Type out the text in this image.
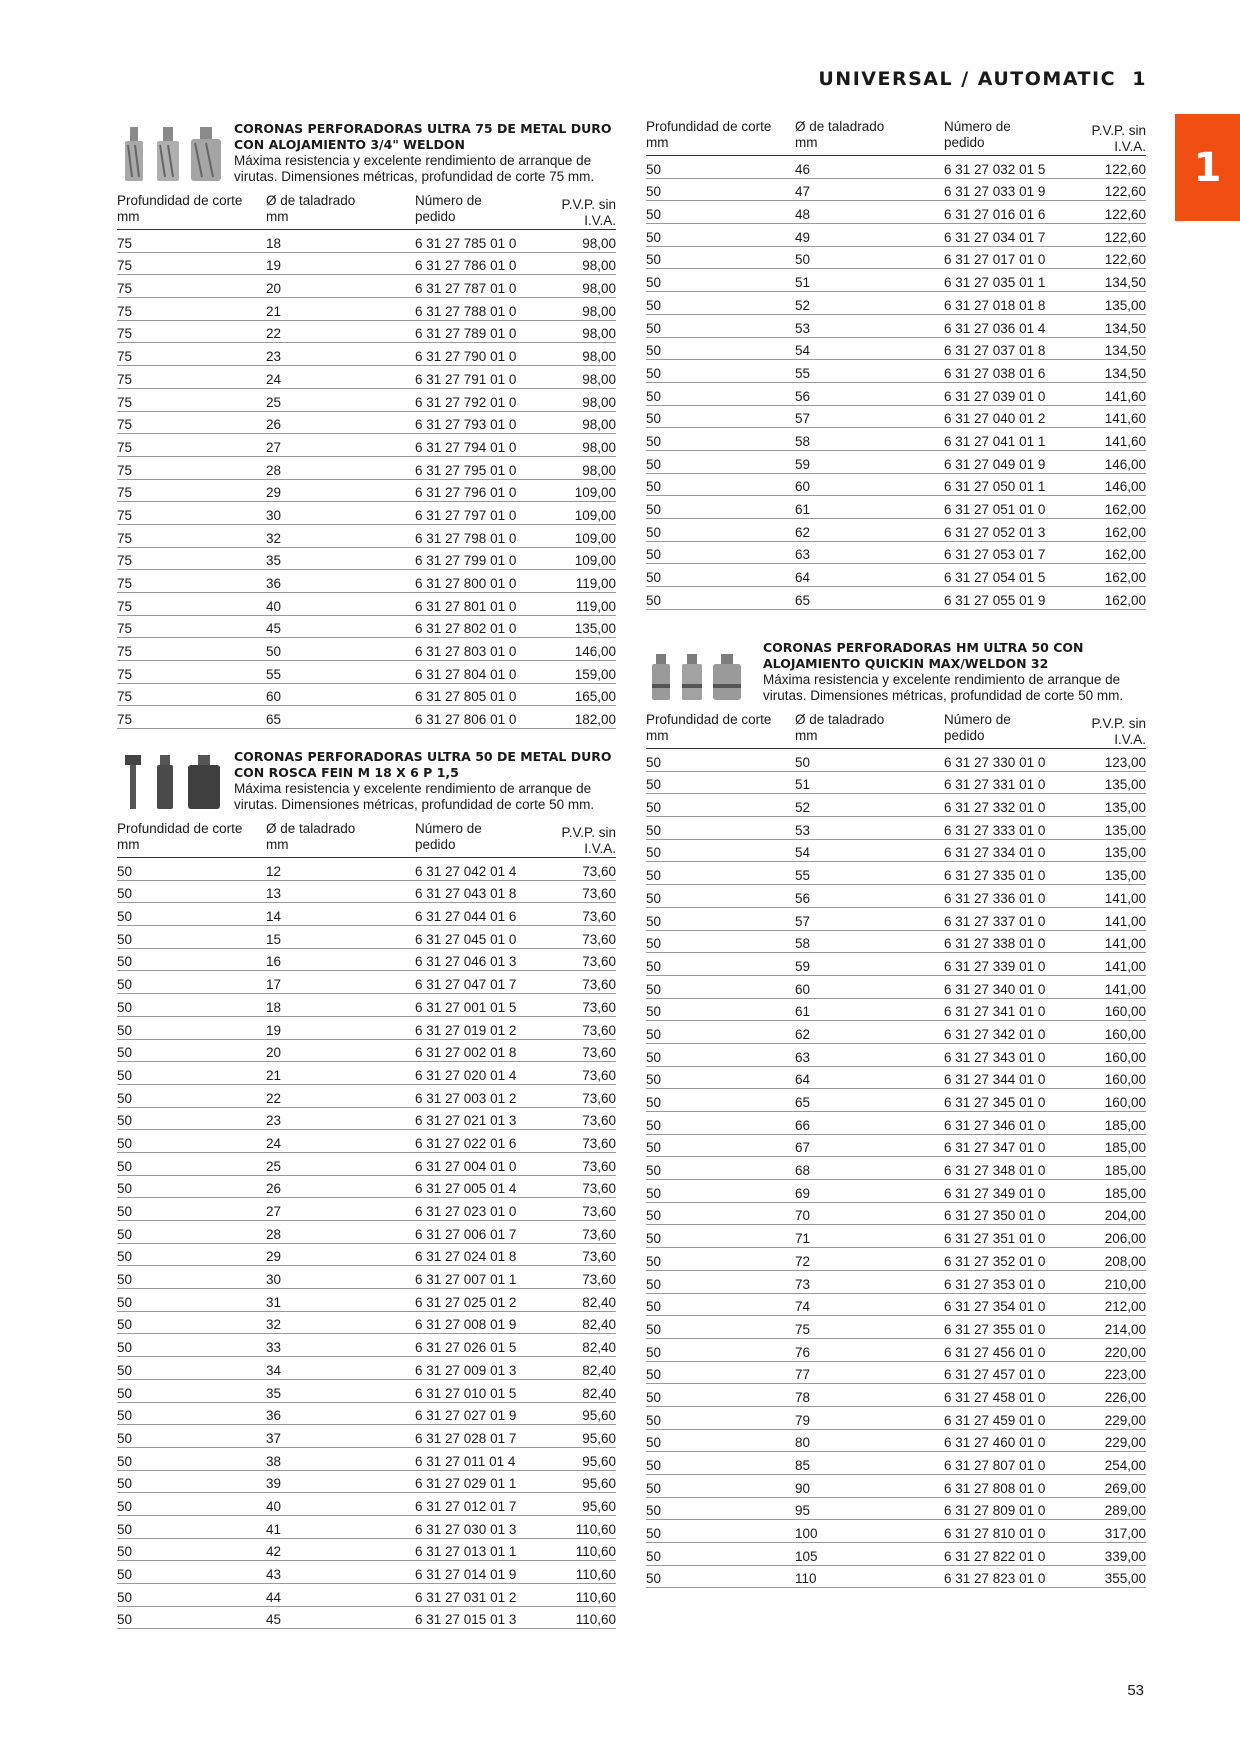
UNIVERSAL / AUTOMATIC 1
1
53
CORONAS PERFORADORAS ULTRA 75 DE METAL DURO
CON ALOJAMIENTO 3/4" WELDON
Máxima resistencia y excelente rendimiento de arranque de
virutas. Dimensiones métricas, profundidad de corte 75 mm.
Profundidad de corte
mm
Ø de taladrado
mm
Número de
pedido
P.V.P. sin I.V.A.
75	18	6 31 27 785 01 0	98,00
75	19	6 31 27 786 01 0	98,00
75	20	6 31 27 787 01 0	98,00
75	21	6 31 27 788 01 0	98,00
75	22	6 31 27 789 01 0	98,00
75	23	6 31 27 790 01 0	98,00
75	24	6 31 27 791 01 0	98,00
75	25	6 31 27 792 01 0	98,00
75	26	6 31 27 793 01 0	98,00
75	27	6 31 27 794 01 0	98,00
75	28	6 31 27 795 01 0	98,00
75	29	6 31 27 796 01 0	109,00
75	30	6 31 27 797 01 0	109,00
75	32	6 31 27 798 01 0	109,00
75	35	6 31 27 799 01 0	109,00
75	36	6 31 27 800 01 0	119,00
75	40	6 31 27 801 01 0	119,00
75	45	6 31 27 802 01 0	135,00
75	50	6 31 27 803 01 0	146,00
75	55	6 31 27 804 01 0	159,00
75	60	6 31 27 805 01 0	165,00
75	65	6 31 27 806 01 0	182,00
CORONAS PERFORADORAS ULTRA 50 DE METAL DURO
CON ROSCA FEIN M 18 X 6 P 1,5
Máxima resistencia y excelente rendimiento de arranque de
virutas. Dimensiones métricas, profundidad de corte 50 mm.
Profundidad de corte
mm
Ø de taladrado
mm
Número de
pedido
P.V.P. sin I.V.A.
50	12	6 31 27 042 01 4	73,60
50	13	6 31 27 043 01 8	73,60
50	14	6 31 27 044 01 6	73,60
50	15	6 31 27 045 01 0	73,60
50	16	6 31 27 046 01 3	73,60
50	17	6 31 27 047 01 7	73,60
50	18	6 31 27 001 01 5	73,60
50	19	6 31 27 019 01 2	73,60
50	20	6 31 27 002 01 8	73,60
50	21	6 31 27 020 01 4	73,60
50	22	6 31 27 003 01 2	73,60
50	23	6 31 27 021 01 3	73,60
50	24	6 31 27 022 01 6	73,60
50	25	6 31 27 004 01 0	73,60
50	26	6 31 27 005 01 4	73,60
50	27	6 31 27 023 01 0	73,60
50	28	6 31 27 006 01 7	73,60
50	29	6 31 27 024 01 8	73,60
50	30	6 31 27 007 01 1	73,60
50	31	6 31 27 025 01 2	82,40
50	32	6 31 27 008 01 9	82,40
50	33	6 31 27 026 01 5	82,40
50	34	6 31 27 009 01 3	82,40
50	35	6 31 27 010 01 5	82,40
50	36	6 31 27 027 01 9	95,60
50	37	6 31 27 028 01 7	95,60
50	38	6 31 27 011 01 4	95,60
50	39	6 31 27 029 01 1	95,60
50	40	6 31 27 012 01 7	95,60
50	41	6 31 27 030 01 3	110,60
50	42	6 31 27 013 01 1	110,60
50	43	6 31 27 014 01 9	110,60
50	44	6 31 27 031 01 2	110,60
50	45	6 31 27 015 01 3	110,60
Profundidad de corte
mm
Ø de taladrado
mm
Número de
pedido
P.V.P. sin I.V.A.
50	46	6 31 27 032 01 5	122,60
50	47	6 31 27 033 01 9	122,60
50	48	6 31 27 016 01 6	122,60
50	49	6 31 27 034 01 7	122,60
50	50	6 31 27 017 01 0	122,60
50	51	6 31 27 035 01 1	134,50
50	52	6 31 27 018 01 8	135,00
50	53	6 31 27 036 01 4	134,50
50	54	6 31 27 037 01 8	134,50
50	55	6 31 27 038 01 6	134,50
50	56	6 31 27 039 01 0	141,60
50	57	6 31 27 040 01 2	141,60
50	58	6 31 27 041 01 1	141,60
50	59	6 31 27 049 01 9	146,00
50	60	6 31 27 050 01 1	146,00
50	61	6 31 27 051 01 0	162,00
50	62	6 31 27 052 01 3	162,00
50	63	6 31 27 053 01 7	162,00
50	64	6 31 27 054 01 5	162,00
50	65	6 31 27 055 01 9	162,00
CORONAS PERFORADORAS HM ULTRA 50 CON
ALOJAMIENTO QUICKIN MAX/WELDON 32
Máxima resistencia y excelente rendimiento de arranque de
virutas. Dimensiones métricas, profundidad de corte 50 mm.
Profundidad de corte
mm
Ø de taladrado
mm
Número de
pedido
P.V.P. sin I.V.A.
50	50	6 31 27 330 01 0	123,00
50	51	6 31 27 331 01 0	135,00
50	52	6 31 27 332 01 0	135,00
50	53	6 31 27 333 01 0	135,00
50	54	6 31 27 334 01 0	135,00
50	55	6 31 27 335 01 0	135,00
50	56	6 31 27 336 01 0	141,00
50	57	6 31 27 337 01 0	141,00
50	58	6 31 27 338 01 0	141,00
50	59	6 31 27 339 01 0	141,00
50	60	6 31 27 340 01 0	141,00
50	61	6 31 27 341 01 0	160,00
50	62	6 31 27 342 01 0	160,00
50	63	6 31 27 343 01 0	160,00
50	64	6 31 27 344 01 0	160,00
50	65	6 31 27 345 01 0	160,00
50	66	6 31 27 346 01 0	185,00
50	67	6 31 27 347 01 0	185,00
50	68	6 31 27 348 01 0	185,00
50	69	6 31 27 349 01 0	185,00
50	70	6 31 27 350 01 0	204,00
50	71	6 31 27 351 01 0	206,00
50	72	6 31 27 352 01 0	208,00
50	73	6 31 27 353 01 0	210,00
50	74	6 31 27 354 01 0	212,00
50	75	6 31 27 355 01 0	214,00
50	76	6 31 27 456 01 0	220,00
50	77	6 31 27 457 01 0	223,00
50	78	6 31 27 458 01 0	226,00
50	79	6 31 27 459 01 0	229,00
50	80	6 31 27 460 01 0	229,00
50	85	6 31 27 807 01 0	254,00
50	90	6 31 27 808 01 0	269,00
50	95	6 31 27 809 01 0	289,00
50	100	6 31 27 810 01 0	317,00
50	105	6 31 27 822 01 0	339,00
50	110	6 31 27 823 01 0	355,00
